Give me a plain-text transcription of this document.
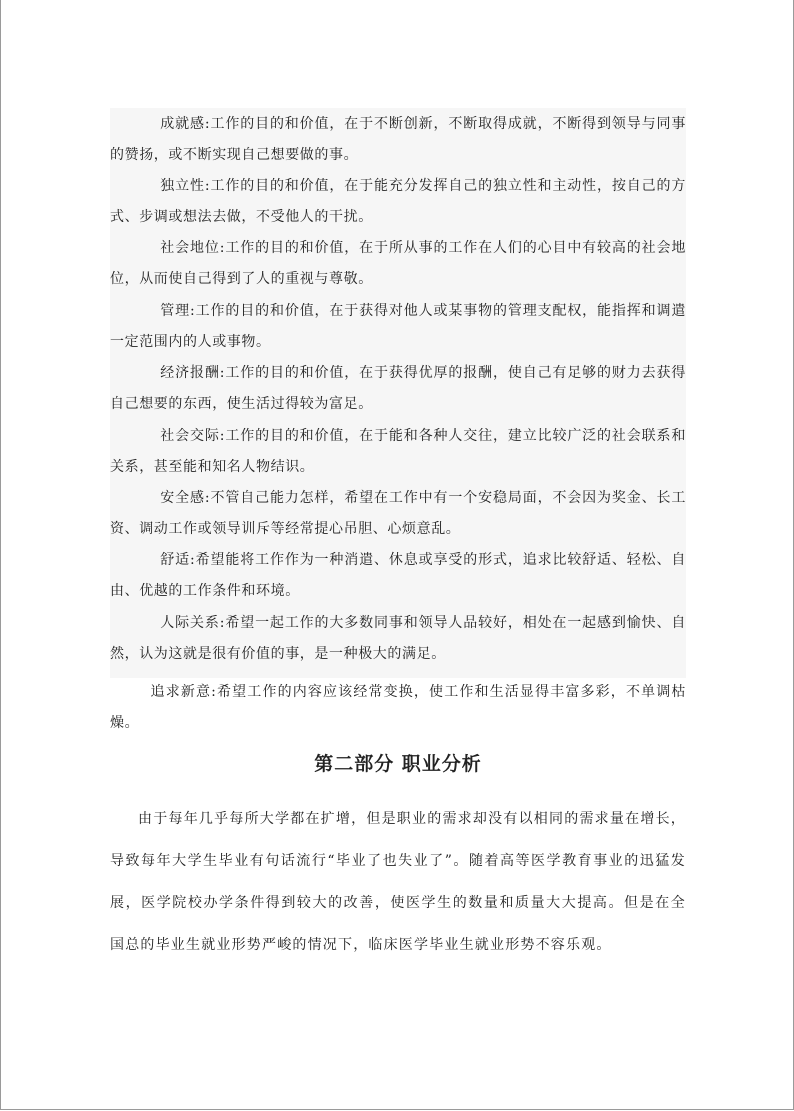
成就感:工作的目的和价值，在于不断创新，不断取得成就，不断得到领导与同事的赞扬，或不断实现自己想要做的事。

独立性:工作的目的和价值，在于能充分发挥自己的独立性和主动性，按自己的方式、步调或想法去做，不受他人的干扰。

社会地位:工作的目的和价值，在于所从事的工作在人们的心目中有较高的社会地位，从而使自己得到了人的重视与尊敬。

管理:工作的目的和价值，在于获得对他人或某事物的管理支配权，能指挥和调遣一定范围内的人或事物。

经济报酬:工作的目的和价值，在于获得优厚的报酬，使自己有足够的财力去获得自己想要的东西，使生活过得较为富足。

社会交际:工作的目的和价值，在于能和各种人交往，建立比较广泛的社会联系和关系，甚至能和知名人物结识。

安全感:不管自己能力怎样，希望在工作中有一个安稳局面，不会因为奖金、长工资、调动工作或领导训斥等经常提心吊胆、心烦意乱。

舒适:希望能将工作作为一种消遣、休息或享受的形式，追求比较舒适、轻松、自由、优越的工作条件和环境。

人际关系:希望一起工作的大多数同事和领导人品较好，相处在一起感到愉快、自然，认为这就是很有价值的事，是一种极大的满足。

追求新意:希望工作的内容应该经常变换，使工作和生活显得丰富多彩，不单调枯燥。

第二部分 职业分析

由于每年几乎每所大学都在扩增，但是职业的需求却没有以相同的需求量在增长，导致每年大学生毕业有句话流行“毕业了也失业了”。随着高等医学教育事业的迅猛发展，医学院校办学条件得到较大的改善，使医学生的数量和质量大大提高。但是在全国总的毕业生就业形势严峻的情况下，临床医学毕业生就业形势不容乐观。
